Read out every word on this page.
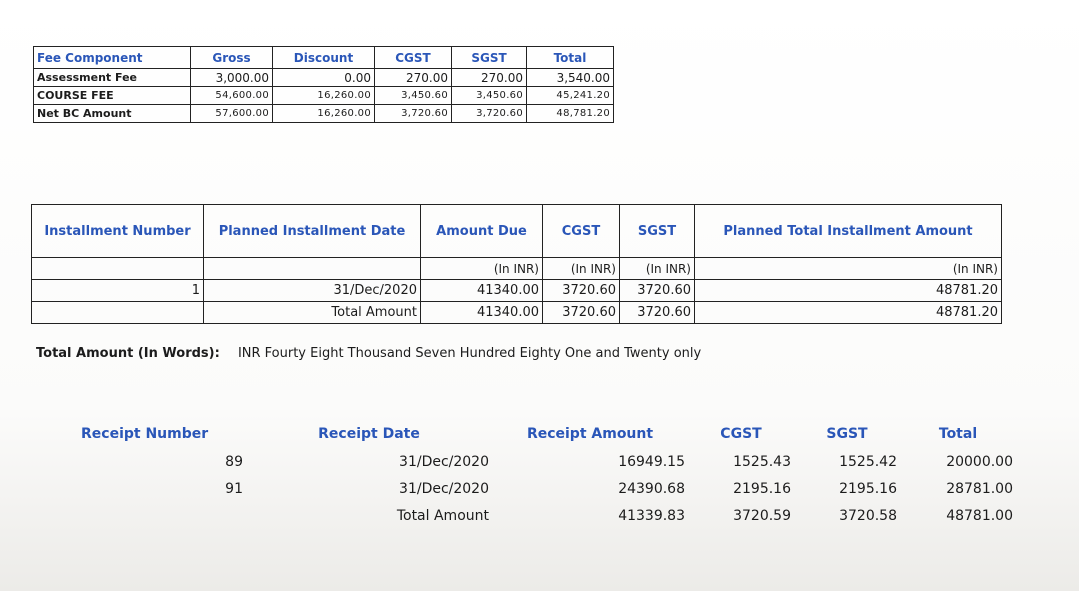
Fee Component	Gross	Discount	CGST	SGST	Total
Assessment Fee	3,000.00	0.00	270.00	270.00	3,540.00
COURSE FEE	54,600.00	16,260.00	3,450.60	3,450.60	45,241.20
Net BC Amount	57,600.00	16,260.00	3,720.60	3,720.60	48,781.20
Installment Number	Planned Installment Date	Amount Due	CGST	SGST	Planned Total Installment Amount
		(In INR)	(In INR)	(In INR)	(In INR)
1	31/Dec/2020	41340.00	3720.60	3720.60	48781.20
	Total Amount	41340.00	3720.60	3720.60	48781.20
Total Amount (In Words): INR Fourty Eight Thousand Seven Hundred Eighty One and Twenty only
Receipt Number	Receipt Date	Receipt Amount	CGST	SGST	Total
89	31/Dec/2020	16949.15	1525.43	1525.42	20000.00
91	31/Dec/2020	24390.68	2195.16	2195.16	28781.00
	Total Amount	41339.83	3720.59	3720.58	48781.00
